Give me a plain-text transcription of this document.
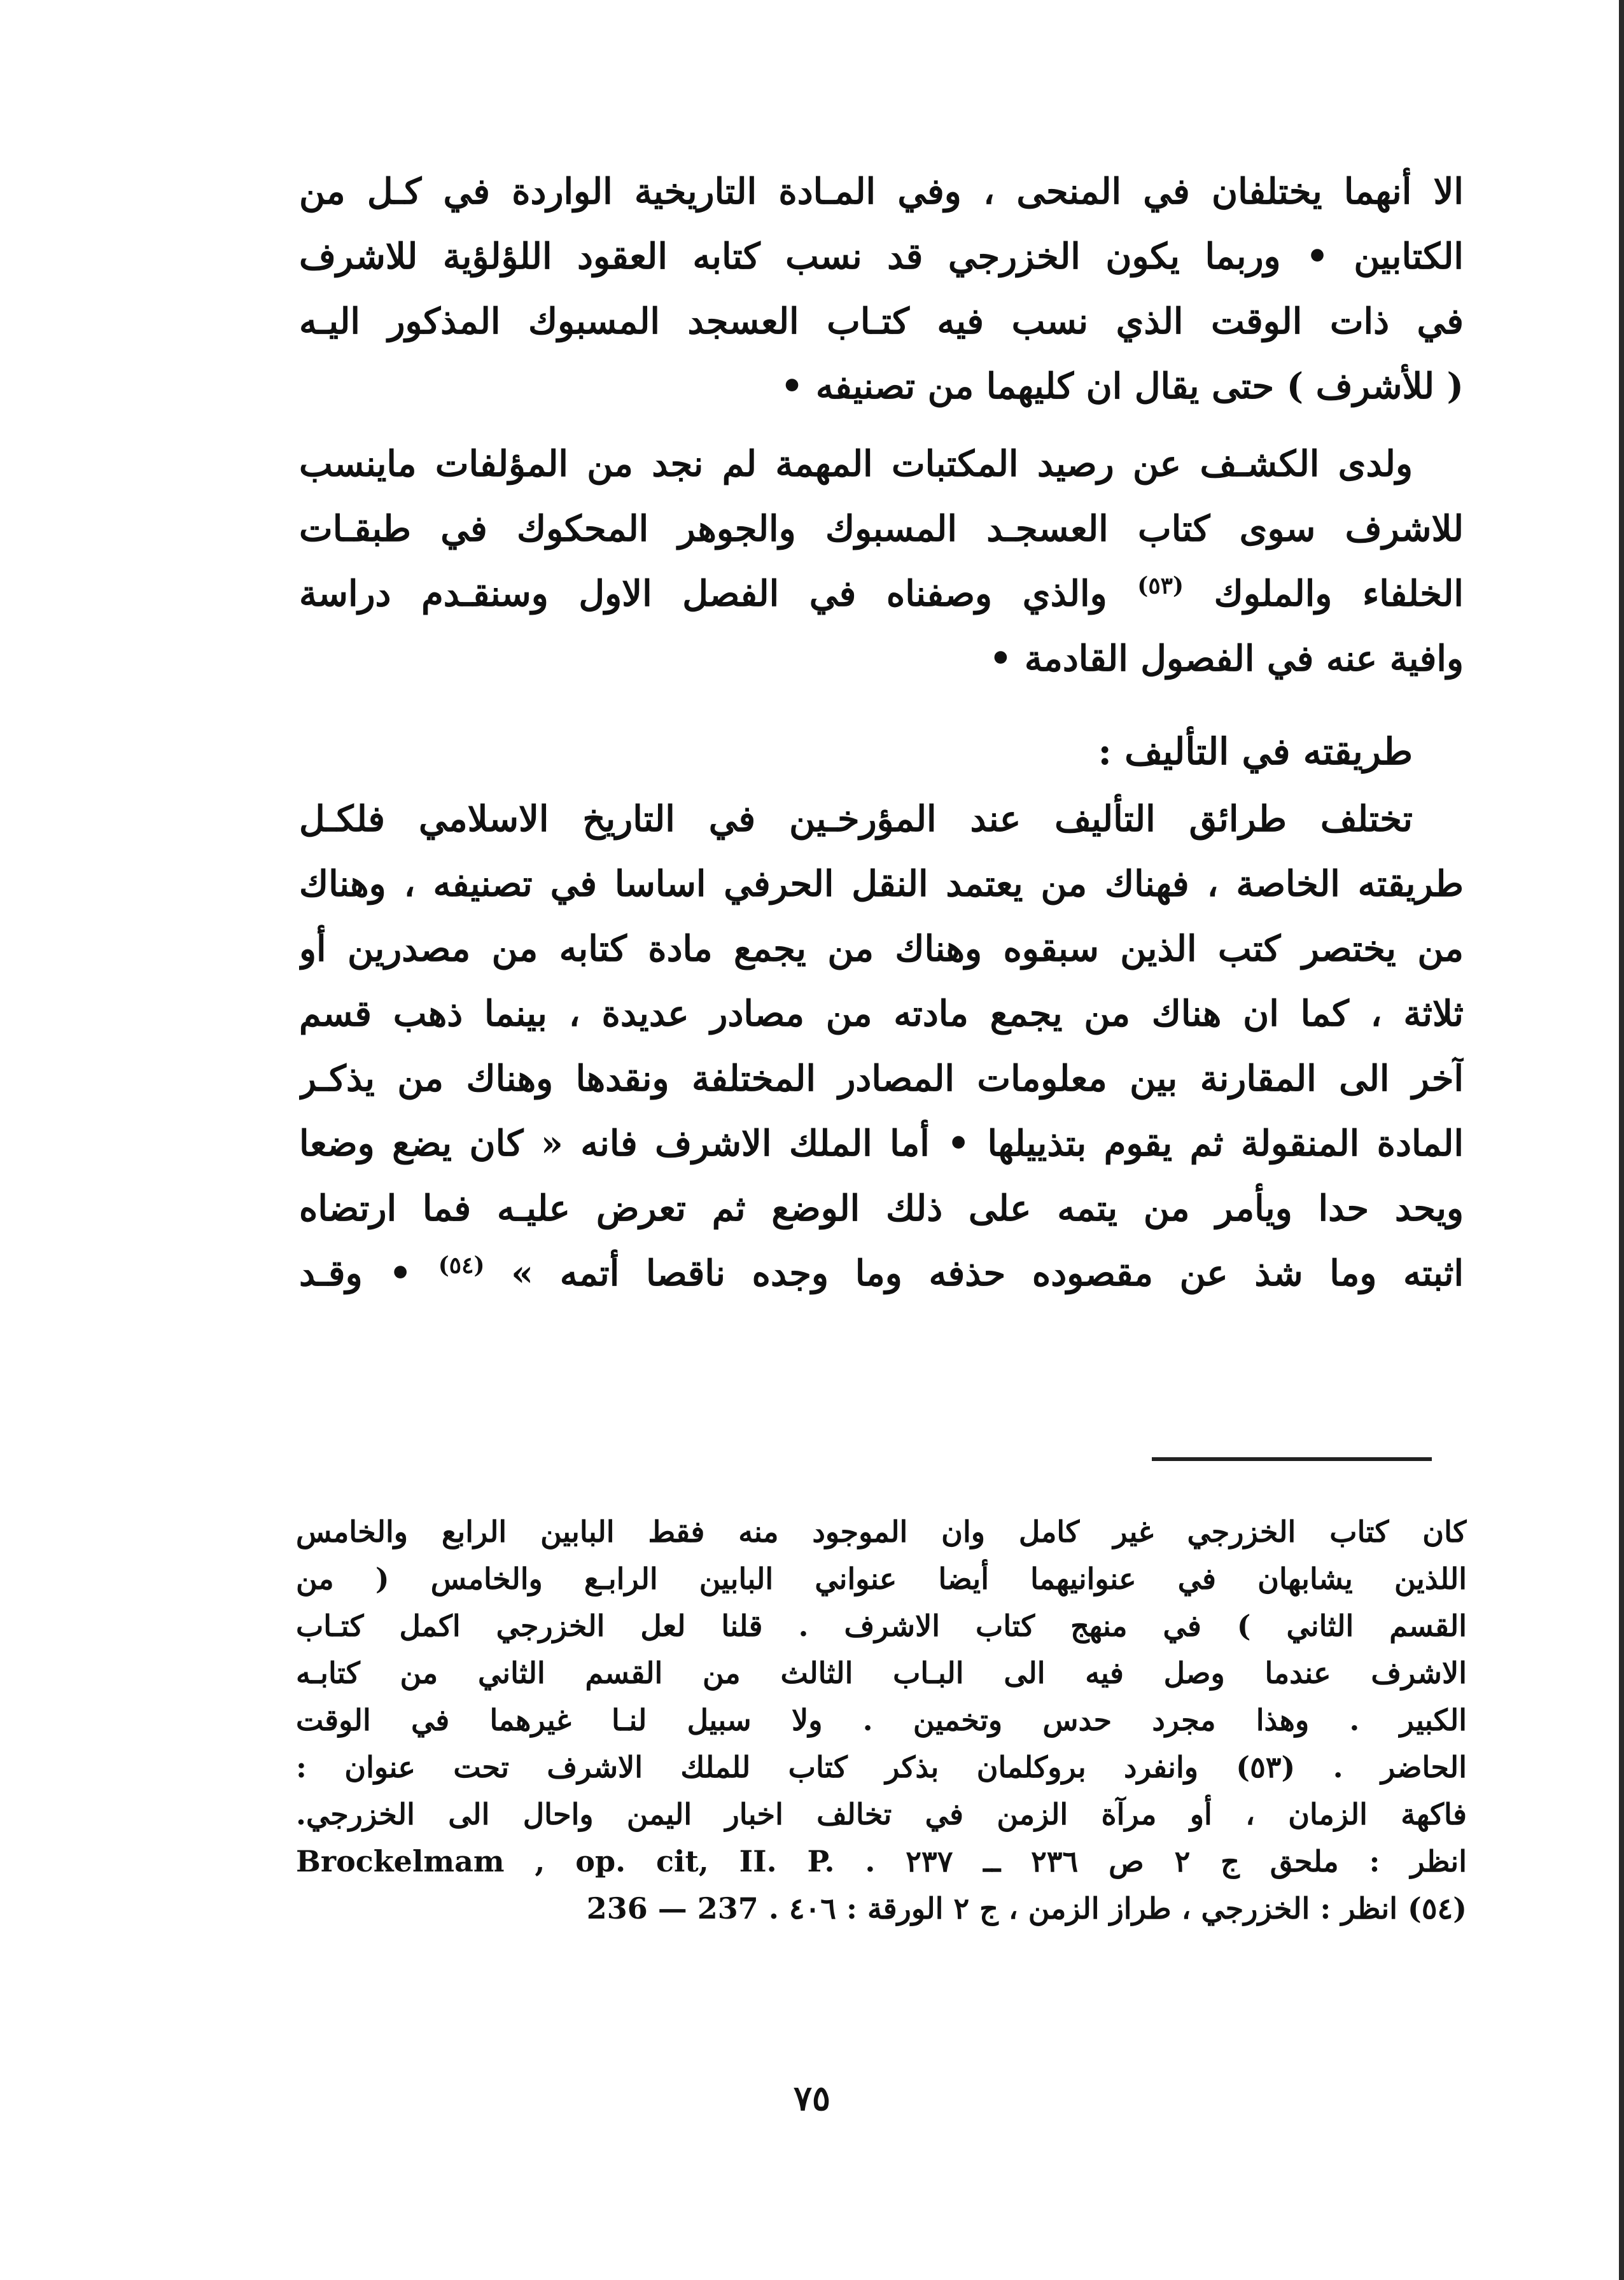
الا أنهما يختلفان في المنحى ، وفي المـادة التاريخية الواردة في كـل من
الكتابين • وربما يكون الخزرجي قد نسب كتابه العقود اللؤلؤية للاشرف
في ذات الوقت الذي نسب فيه كتـاب العسجد المسبوك المذكور اليـه
( للأشرف ) حتى يقال ان كليهما من تصنيفه •
ولدى الكشـف عن رصيد المكتبات المهمة لم نجد من المؤلفات ماينسب
للاشرف سوى كتاب العسجـد المسبوك والجوهر المحكوك في طبقـات
الخلفاء والملوك $^{(٥٣)}$ والذي وصفناه في الفصل الاول وسنقـدم دراسة
وافية عنه في الفصول القادمة •
طريقته في التأليف :
تختلف طرائق التأليف عند المؤرخـين في التاريخ الاسلامي فلكـل
طريقته الخاصة ، فهناك من يعتمد النقل الحرفي اساسا في تصنيفه ، وهناك
من يختصر كتب الذين سبقوه وهناك من يجمع مادة كتابه من مصدرين أو
ثلاثة ، كما ان هناك من يجمع مادته من مصادر عديدة ، بينما ذهب قسم
آخر الى المقارنة بين معلومات المصادر المختلفة ونقدها وهناك من يذكـر
المادة المنقولة ثم يقوم بتذييلها • أما الملك الاشرف فانه « كان يضع وضعا
ويحد حدا ويأمر من يتمه على ذلك الوضع ثم تعرض عليـه فما ارتضاه
اثبته وما شذ عن مقصوده حذفه وما وجده ناقصا أتمه » $^{(٥٤)}$ • وقـد
كان كتاب الخزرجي غير كامل وان الموجود منه فقط البابين الرابع والخامس
اللذين يشابهان في عنوانيهما أيضا عنواني البابين الرابـع والخامس ( من
القسم الثاني ) في منهج كتاب الاشرف . قلنا لعل الخزرجي اكمل كتـاب
الاشرف عندما وصل فيه الى البـاب الثالث من القسم الثاني من كتابـه
الكبير . وهذا مجرد حدس وتخمين . ولا سبيل لنـا غيرهما في الوقت
الحاضر . (٥٣) وانفرد بروكلمان بذكر كتاب للملك الاشرف تحت عنوان :
فاكهة الزمان ، أو مرآة الزمن في تخالف اخبار اليمن واحال الى الخزرجي.
انظر : ملحق ج ٢ ص ٢٣٦ ــ ٢٣٧ . Brockelmam , op. cit, II. P.
(٥٤) انظر : الخزرجي ، طراز الزمن ، ج ٢ الورقة : ٤٠٦ . 236 — 237
٧٥
